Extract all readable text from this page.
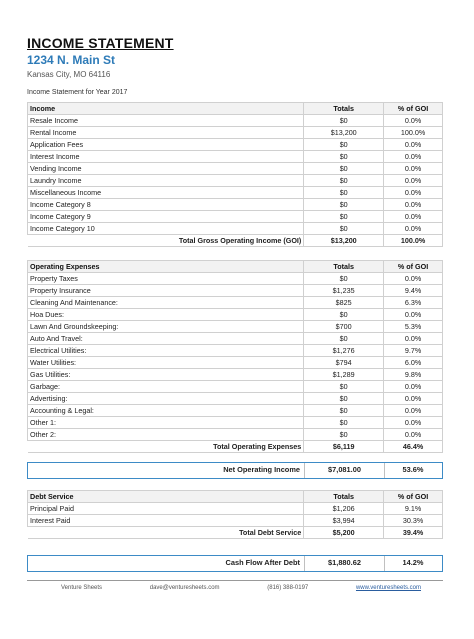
INCOME STATEMENT
1234 N. Main St
Kansas City, MO 64116
Income Statement for Year 2017
Income	Totals	% of GOI
Resale Income	$0	0.0%
Rental Income	$13,200	100.0%
Application Fees	$0	0.0%
Interest Income	$0	0.0%
Vending Income	$0	0.0%
Laundry Income	$0	0.0%
Miscellaneous Income	$0	0.0%
Income Category 8	$0	0.0%
Income Category 9	$0	0.0%
Income Category 10	$0	0.0%
Total Gross Operating Income (GOI)	$13,200	100.0%
Operating Expenses	Totals	% of GOI
Property Taxes	$0	0.0%
Property Insurance	$1,235	9.4%
Cleaning And Maintenance:	$825	6.3%
Hoa Dues:	$0	0.0%
Lawn And Groundskeeping:	$700	5.3%
Auto And Travel:	$0	0.0%
Electrical Utilities:	$1,276	9.7%
Water Utilities:	$794	6.0%
Gas Utilities:	$1,289	9.8%
Garbage:	$0	0.0%
Advertising:	$0	0.0%
Accounting & Legal:	$0	0.0%
Other 1:	$0	0.0%
Other 2:	$0	0.0%
Total Operating Expenses	$6,119	46.4%
Net Operating Income	$7,081.00	53.6%
Debt Service	Totals	% of GOI
Principal Paid	$1,206	9.1%
Interest Paid	$3,994	30.3%
Total Debt Service	$5,200	39.4%
Cash Flow After Debt	$1,880.62	14.2%
Venture Sheets	dave@venturesheets.com	(816) 388-0197	www.venturesheets.com
